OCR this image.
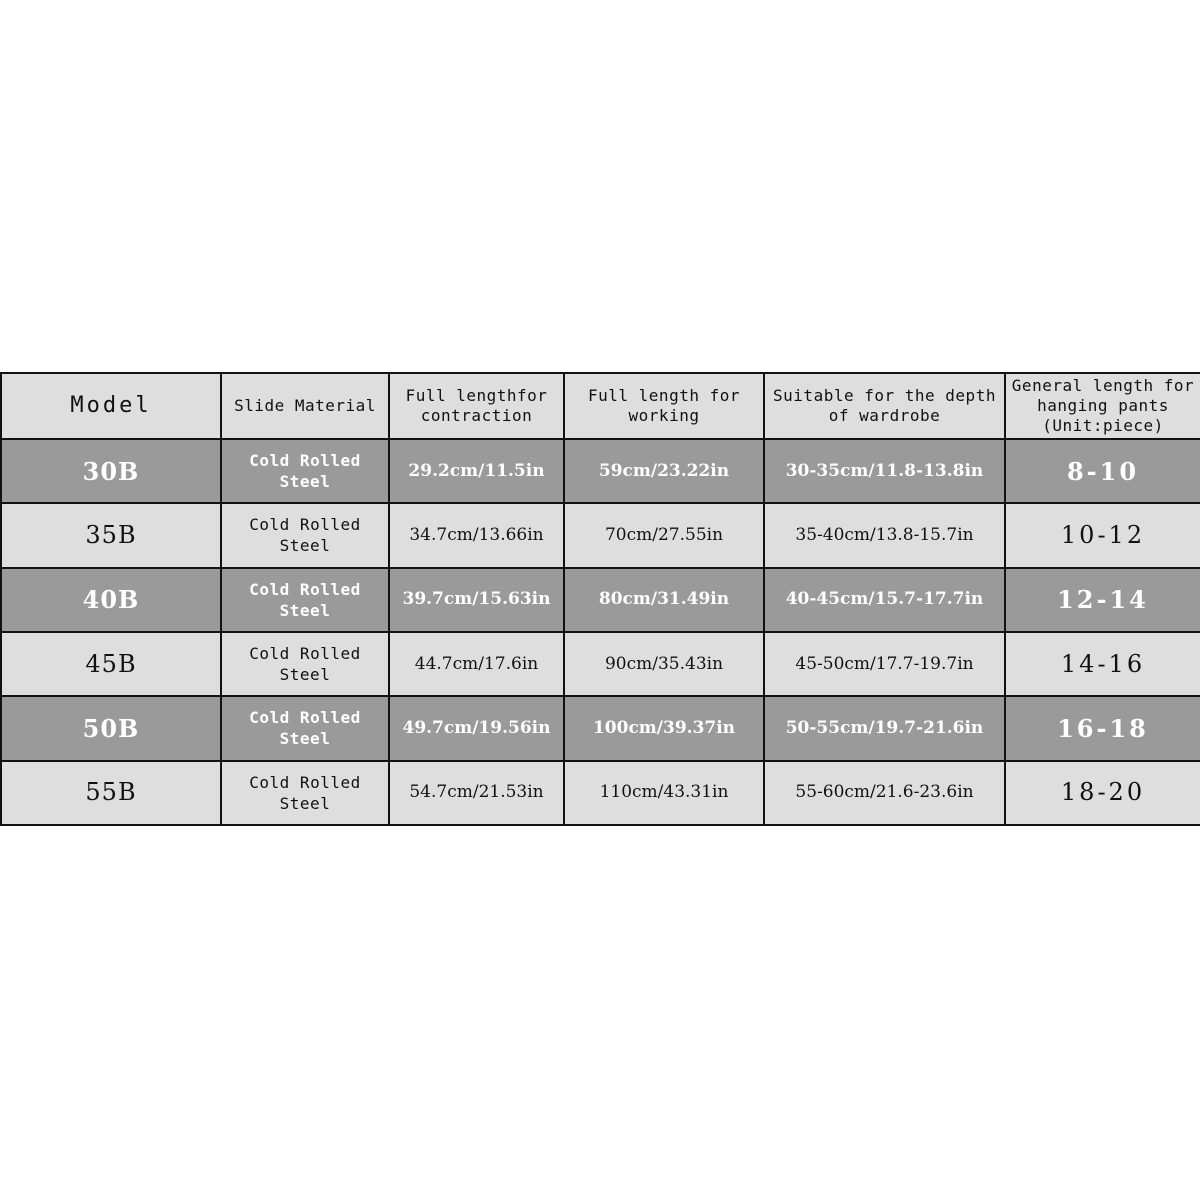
Model	Slide Material	Full lengthfor contraction	Full length for working	Suitable for the depth of wardrobe	General length for hanging pants (Unit:piece)
30B	Cold Rolled Steel	29.2cm/11.5in	59cm/23.22in	30-35cm/11.8-13.8in	8-10
35B	Cold Rolled Steel	34.7cm/13.66in	70cm/27.55in	35-40cm/13.8-15.7in	10-12
40B	Cold Rolled Steel	39.7cm/15.63in	80cm/31.49in	40-45cm/15.7-17.7in	12-14
45B	Cold Rolled Steel	44.7cm/17.6in	90cm/35.43in	45-50cm/17.7-19.7in	14-16
50B	Cold Rolled Steel	49.7cm/19.56in	100cm/39.37in	50-55cm/19.7-21.6in	16-18
55B	Cold Rolled Steel	54.7cm/21.53in	110cm/43.31in	55-60cm/21.6-23.6in	18-20
